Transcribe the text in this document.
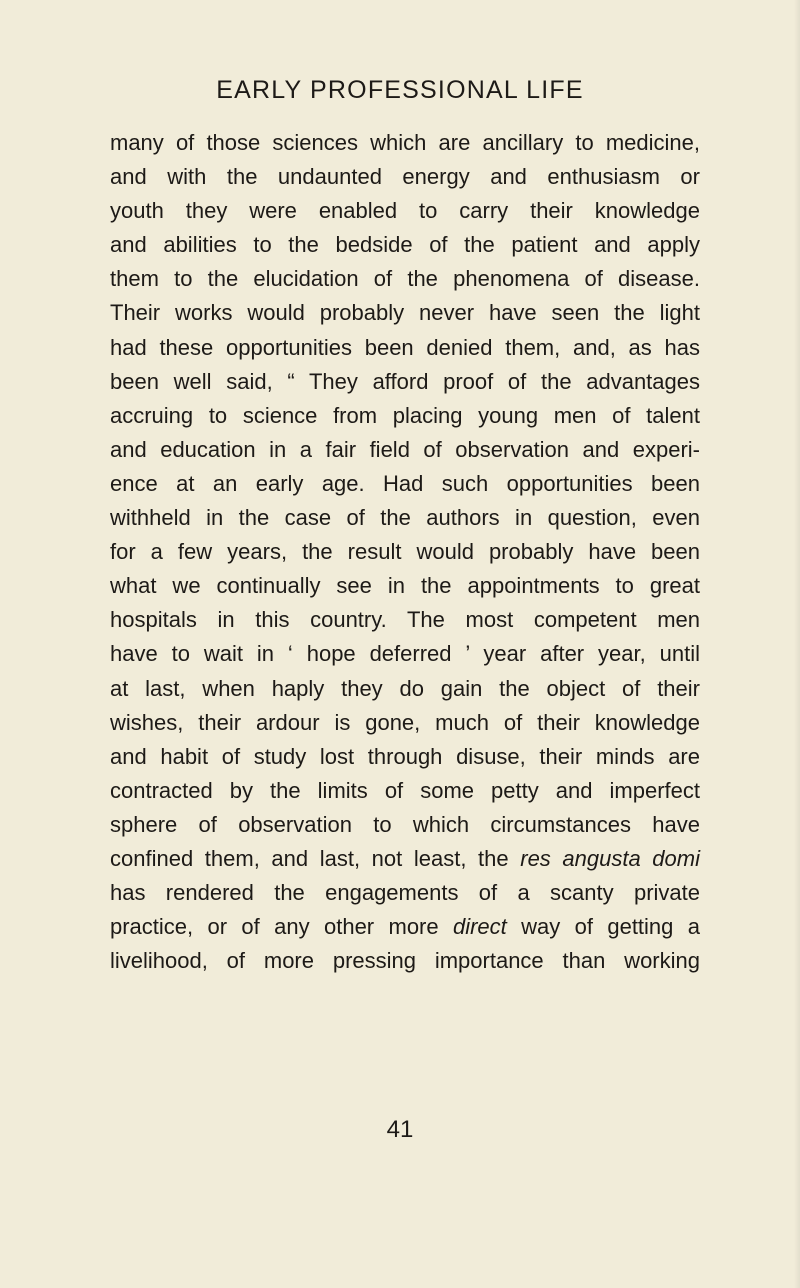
EARLY PROFESSIONAL LIFE
many of those sciences which are ancillary to medicine,
and with the undaunted energy and enthusiasm or
youth they were enabled to carry their knowledge
and abilities to the bedside of the patient and apply
them to the elucidation of the phenomena of disease.
Their works would probably never have seen the light
had these opportunities been denied them, and, as has
been well said, “ They afford proof of the advantages
accruing to science from placing young men of talent
and education in a fair field of observation and experi-
ence at an early age. Had such opportunities been
withheld in the case of the authors in question, even
for a few years, the result would probably have been
what we continually see in the appointments to great
hospitals in this country. The most competent men
have to wait in ‘ hope deferred ’ year after year, until
at last, when haply they do gain the object of their
wishes, their ardour is gone, much of their knowledge
and habit of study lost through disuse, their minds are
contracted by the limits of some petty and imperfect
sphere of observation to which circumstances have
confined them, and last, not least, the res angusta domi
has rendered the engagements of a scanty private
practice, or of any other more direct way of getting a
livelihood, of more pressing importance than working
41
